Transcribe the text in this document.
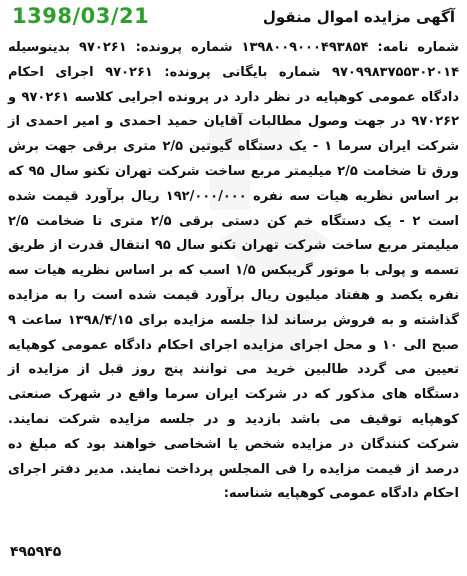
1398/03/21	آگهی مزایده اموال منقول

شماره نامه: ۱۳۹۸۰۰۹۰۰۰۴۹۳۸۵۴ شماره پرونده: ۹۷۰۲۶۱ بدینوسیله ۹۷۰۹۹۸۳۷۵۵۳۰۲۰۱۴ شماره بایگانی پرونده: ۹۷۰۲۶۱ اجرای احکام دادگاه عمومی کوهپایه در نظر دارد در پرونده اجرایی کلاسه ۹۷۰۲۶۱ و ۹۷۰۲۶۲ در جهت وصول مطالبات آقایان حمید احمدی و امیر احمدی از شرکت ایران سرما ۱ - یک دستگاه گیوتین ۲/۵ متری برقی جهت برش ورق تا ضخامت ۲/۵ میلیمتر مربع ساخت شرکت تهران تکنو سال ۹۵ که بر اساس نظریه هیات سه نفره ۱۹۲/۰۰۰/۰۰۰ ریال برآورد قیمت شده است ۲ - یک دستگاه خم کن دستی برقی ۲/۵ متری تا ضخامت ۲/۵ میلیمتر مربع ساخت شرکت تهران تکنو سال ۹۵ انتقال قدرت از طریق تسمه و پولی با موتور گریبکس ۱/۵ اسب که بر اساس نظریه هیات سه نفره یکصد و هفتاد میلیون ریال برآورد قیمت شده است را به مزایده گذاشته و به فروش برساند لذا جلسه مزایده برای ۱۳۹۸/۴/۱۵ ساعت ۹ صبح الی ۱۰ و محل اجرای مزایده اجرای احکام دادگاه عمومی کوهپایه تعیین می گردد طالبین خرید می توانند پنج روز قبل از مزایده از دستگاه های مذکور که در شرکت ایران سرما واقع در شهرک صنعتی کوهپایه توقیف می باشد بازدید و در جلسه مزایده شرکت نمایند. شرکت کنندگان در مزایده شخص یا اشخاصی خواهند بود که مبلغ ده درصد از قیمت مزایده را فی المجلس پرداخت نمایند. مدیر دفتر اجرای احکام دادگاه عمومی کوهپایه شناسه:

۴۹۵۹۴۵
